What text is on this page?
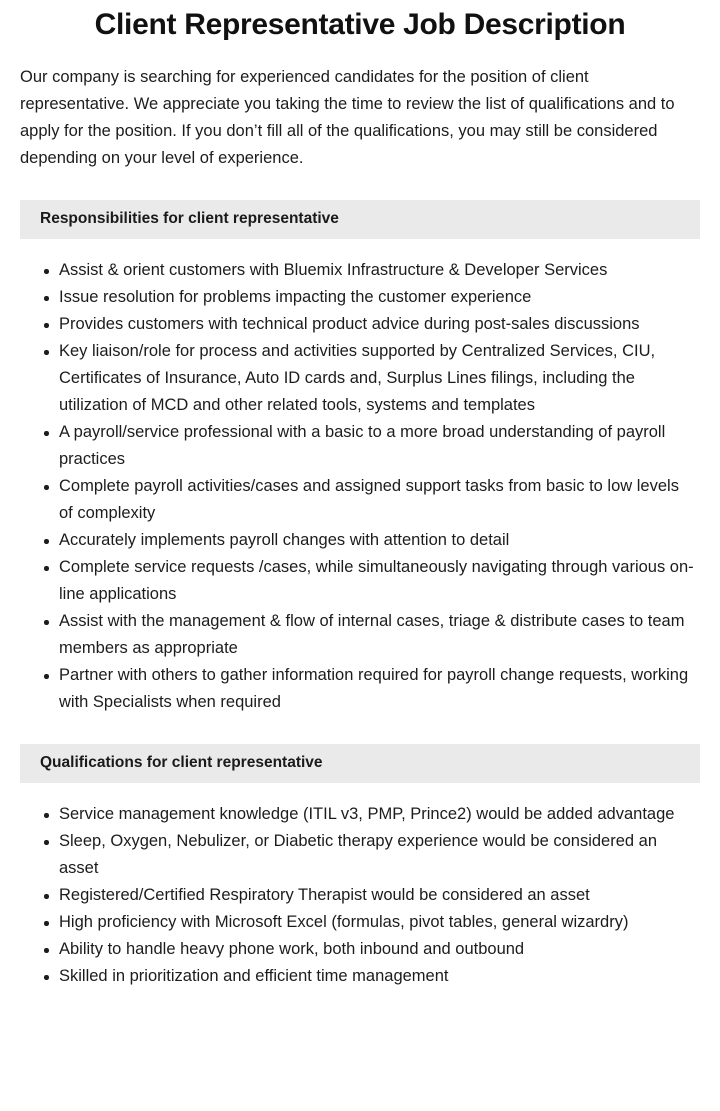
Client Representative Job Description

Our company is searching for experienced candidates for the position of client representative. We appreciate you taking the time to review the list of qualifications and to apply for the position. If you don’t fill all of the qualifications, you may still be considered depending on your level of experience.

Responsibilities for client representative
Assist & orient customers with Bluemix Infrastructure & Developer Services
Issue resolution for problems impacting the customer experience
Provides customers with technical product advice during post-sales discussions
Key liaison/role for process and activities supported by Centralized Services, CIU, Certificates of Insurance, Auto ID cards and, Surplus Lines filings, including the utilization of MCD and other related tools, systems and templates
A payroll/service professional with a basic to a more broad understanding of payroll practices
Complete payroll activities/cases and assigned support tasks from basic to low levels of complexity
Accurately implements payroll changes with attention to detail
Complete service requests /cases, while simultaneously navigating through various on-line applications
Assist with the management & flow of internal cases, triage & distribute cases to team members as appropriate
Partner with others to gather information required for payroll change requests, working with Specialists when required
Qualifications for client representative
Service management knowledge (ITIL v3, PMP, Prince2) would be added advantage
Sleep, Oxygen, Nebulizer, or Diabetic therapy experience would be considered an asset
Registered/Certified Respiratory Therapist would be considered an asset
High proficiency with Microsoft Excel (formulas, pivot tables, general wizardry)
Ability to handle heavy phone work, both inbound and outbound
Skilled in prioritization and efficient time management
